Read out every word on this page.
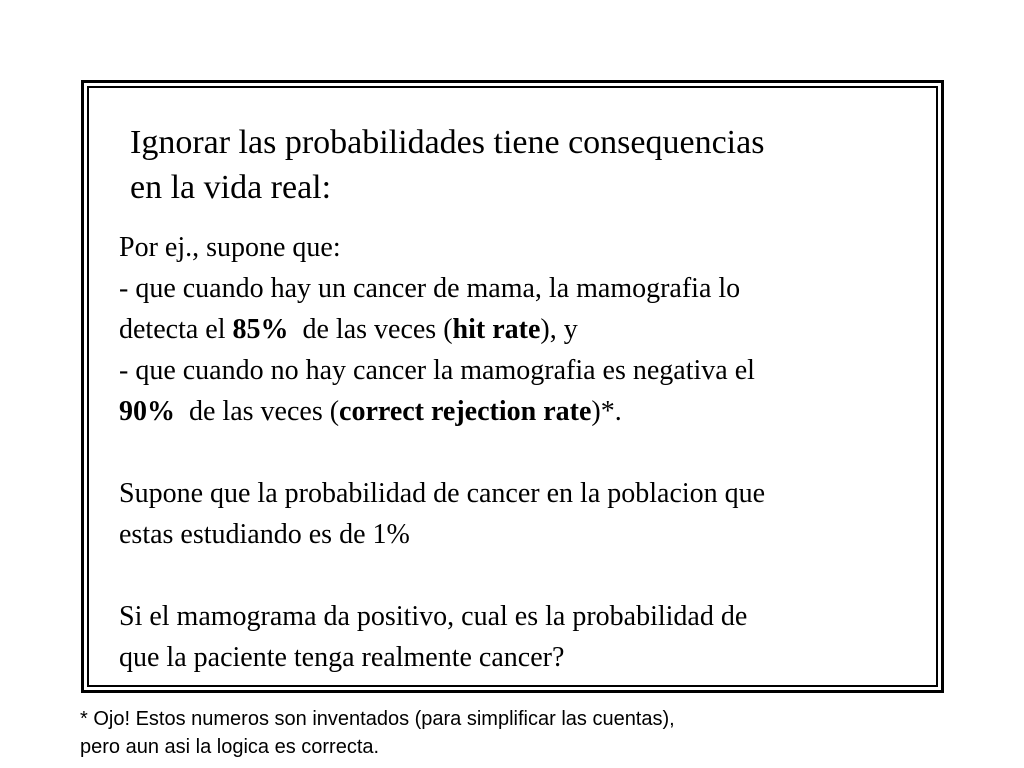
Ignorar las probabilidades tiene consequencias
en la vida real:
Por ej., supone que:
- que cuando hay un cancer de mama, la mamografia lo
detecta el 85%  de las veces (hit rate), y
- que cuando no hay cancer la mamografia es negativa el
90%  de las veces (correct rejection rate)*.
Supone que la probabilidad de cancer en la poblacion que
estas estudiando es de 1%
Si el mamograma da positivo, cual es la probabilidad de
que la paciente tenga realmente cancer?
* Ojo! Estos numeros son inventados (para simplificar las cuentas),
pero aun asi la logica es correcta.
